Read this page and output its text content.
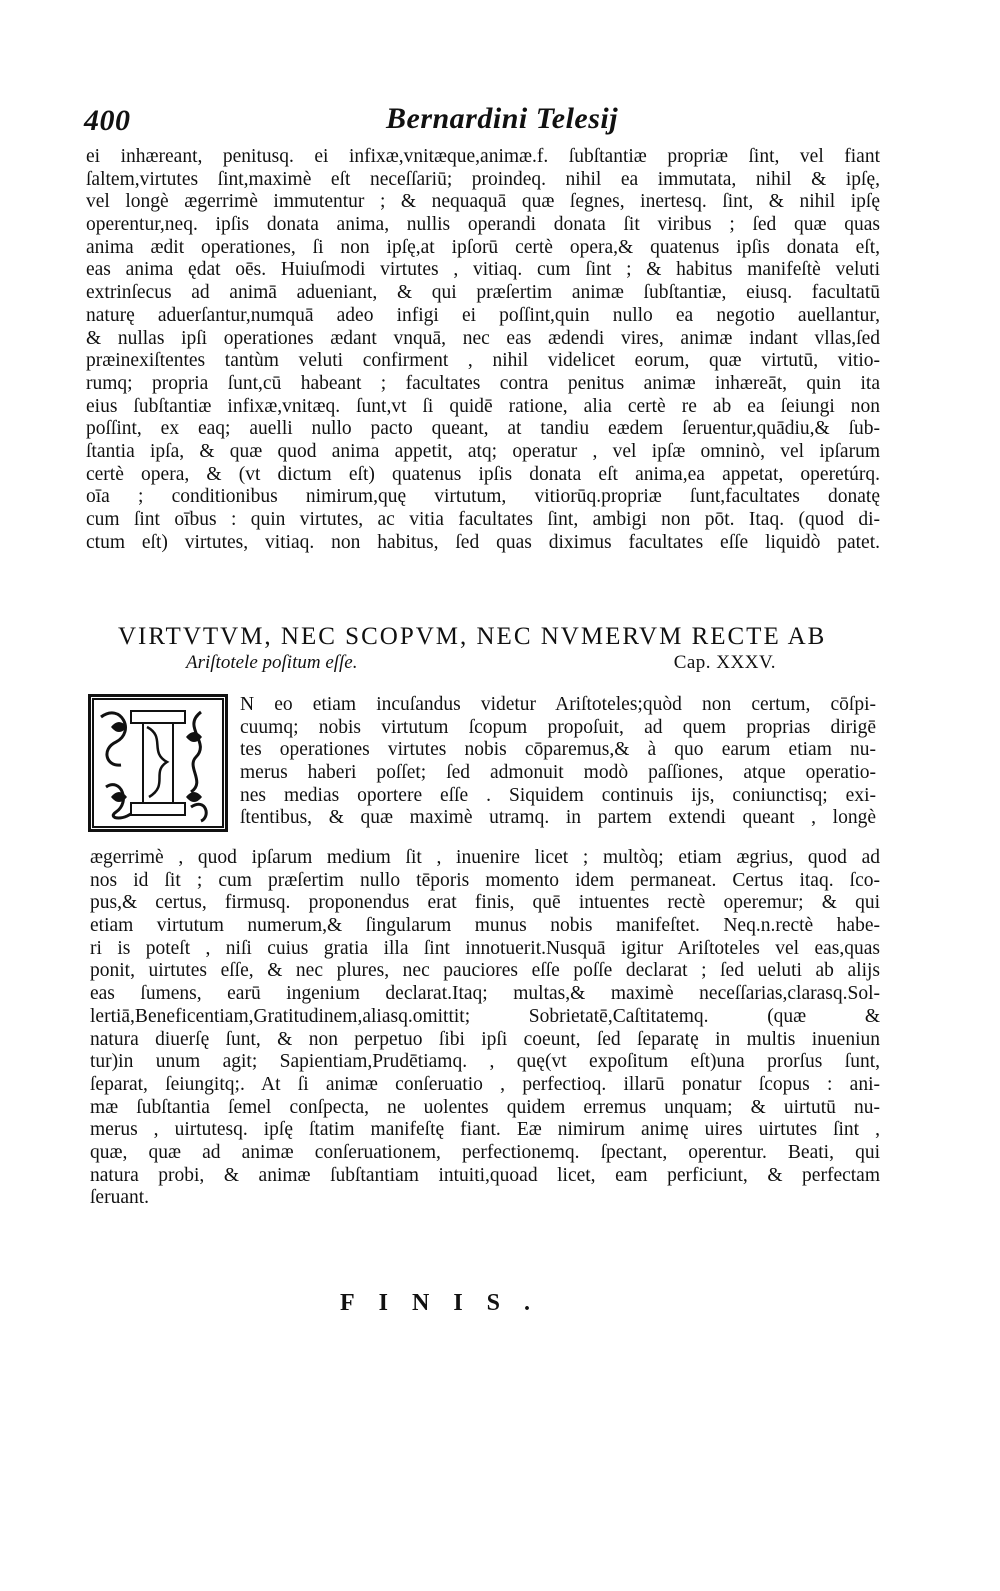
400	Bernardini Telesij
ei inhæreant, penitusq. ei infixæ,vnitæque,animæ.f. ſubſtantiæ propriæ ſint, vel fiant
ſaltem,virtutes ſint,maximè eſt neceſſariū; proindeq. nihil ea immutata, nihil & ipſę,
vel longè ægerrimè immutentur ; & nequaquā quæ ſegnes, inertesq. ſint, & nihil ipſę
operentur,neq. ipſis donata anima, nullis operandi donata ſit viribus ; ſed quæ quas
anima ædit operationes, ſi non ipſę,at ipſorū certè opera,& quatenus ipſis donata eſt,
eas anima ędat oēs. Huiuſmodi virtutes , vitiaq. cum ſint ; & habitus manifeſtè veluti
extrinſecus ad animā adueniant, & qui præſertim animæ ſubſtantiæ, eiusq. facultatū
naturę aduerſantur,numquā adeo infigi ei poſſint,quin nullo ea negotio auellantur,
& nullas ipſi operationes ædant vnquā, nec eas ædendi vires, animæ indant vllas,ſed
præinexiſtentes tantùm veluti confirment , nihil videlicet eorum, quæ virtutū, vitio-
rumq; propria ſunt,cū habeant ; facultates contra penitus animæ inhæreāt, quin ita
eius ſubſtantiæ infixæ,vnitæq. ſunt,vt ſi quidē ratione, alia certè re ab ea ſeiungi non
poſſint, ex eaq; auelli nullo pacto queant, at tandiu eædem ſeruentur,quādiu,& ſub-
ſtantia ipſa, & quæ quod anima appetit, atq; operatur , vel ipſæ omninò, vel ipſarum
certè opera, & (vt dictum eſt) quatenus ipſis donata eſt anima,ea appetat, operetúrq.
oīa ; conditionibus nimirum,quę virtutum, vitiorūq.propriæ ſunt,facultates donatę
cum ſint oībus : quin virtutes, ac vitia facultates ſint, ambigi non pōt. Itaq. (quod di-
ctum eſt) virtutes, vitiaq. non habitus, ſed quas diximus facultates eſſe liquidò patet.
VIRTVTVM, NEC SCOPVM, NEC NVMERVM RECTE AB
Ariſtotele poſitum eſſe.	Cap. XXXV.
N eo etiam incuſandus videtur Ariſtoteles;quòd non certum, cōſpi-
cuumq; nobis virtutum ſcopum propoſuit, ad quem proprias dirigē
tes operationes virtutes nobis cōparemus,& à quo earum etiam nu-
merus haberi poſſet; ſed admonuit modò paſſiones, atque operatio-
nes medias oportere eſſe . Siquidem continuis ijs, coniunctisq; exi-
ſtentibus, & quæ maximè utramq. in partem extendi queant , longè
ægerrimè , quod ipſarum medium ſit , inuenire licet ; multòq; etiam ægrius, quod ad
nos id ſit ; cum præſertim nullo tēporis momento idem permaneat. Certus itaq. ſco-
pus,& certus, firmusq. proponendus erat finis, quē intuentes rectè operemur; & qui
etiam virtutum numerum,& ſingularum munus nobis manifeſtet. Neq.n.rectè habe-
ri is poteſt , niſi cuius gratia illa ſint innotuerit.Nusquā igitur Ariſtoteles vel eas,quas
ponit, uirtutes eſſe, & nec plures, nec pauciores eſſe poſſe declarat ; ſed ueluti ab alijs
eas ſumens, earū ingenium declarat.Itaq; multas,& maximè neceſſarias,clarasq.Sol-
lertiā,Beneficentiam,Gratitudinem,aliasq.omittit; Sobrietatē,Caſtitatemq. (quæ &
natura diuerſę ſunt, & non perpetuo ſibi ipſi coeunt, ſed ſeparatę in multis inueniun
tur)in unum agit; Sapientiam,Prudētiamq. , quę(vt expoſitum eſt)una prorſus ſunt,
ſeparat, ſeiungitq;. At ſi animæ conſeruatio , perfectioq. illarū ponatur ſcopus : ani-
mæ ſubſtantia ſemel conſpecta, ne uolentes quidem erremus unquam; & uirtutū nu-
merus , uirtutesq. ipſę ſtatim manifeſtę fiant. Eæ nimirum animę uires uirtutes ſint ,
quæ, quæ ad animæ conſeruationem, perfectionemq. ſpectant, operentur. Beati, qui
natura probi, & animæ ſubſtantiam intuiti,quoad licet, eam perficiunt, & perfectam
ſeruant.
FINIS.
